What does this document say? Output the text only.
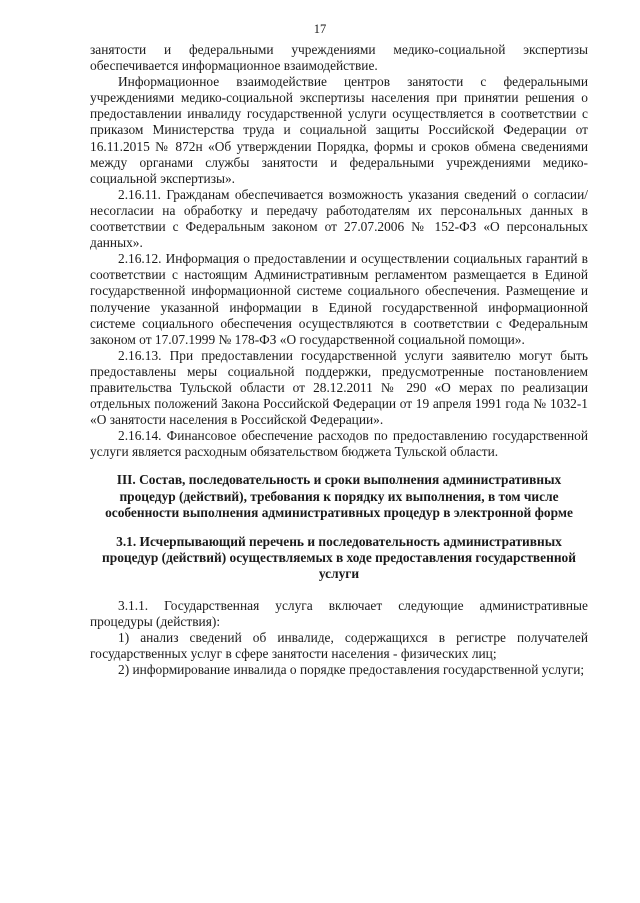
17

занятости и федеральными учреждениями медико-социальной экспертизы обеспечивается информационное взаимодействие.

Информационное взаимодействие центров занятости с федеральными учреждениями медико-социальной экспертизы населения при принятии решения о предоставлении инвалиду государственной услуги осуществляется в соответствии с приказом Министерства труда и социальной защиты Российской Федерации от 16.11.2015 № 872н «Об утверждении Порядка, формы и сроков обмена сведениями между органами службы занятости и федеральными учреждениями медико-социальной экспертизы».

2.16.11. Гражданам обеспечивается возможность указания сведений о согласии/несогласии на обработку и передачу работодателям их персональных данных в соответствии с Федеральным законом от 27.07.2006 № 152-ФЗ «О персональных данных».

2.16.12. Информация о предоставлении и осуществлении социальных гарантий в соответствии с настоящим Административным регламентом размещается в Единой государственной информационной системе социального обеспечения. Размещение и получение указанной информации в Единой государственной информационной системе социального обеспечения осуществляются в соответствии с Федеральным законом от 17.07.1999 № 178-ФЗ «О государственной социальной помощи».

2.16.13. При предоставлении государственной услуги заявителю могут быть предоставлены меры социальной поддержки, предусмотренные постановлением правительства Тульской области от 28.12.2011 № 290 «О мерах по реализации отдельных положений Закона Российской Федерации от 19 апреля 1991 года № 1032-1 «О занятости населения в Российской Федерации».

2.16.14. Финансовое обеспечение расходов по предоставлению государственной услуги является расходным обязательством бюджета Тульской области.

III. Состав, последовательность и сроки выполнения административных процедур (действий), требования к порядку их выполнения, в том числе особенности выполнения административных процедур в электронной форме

3.1. Исчерпывающий перечень и последовательность административных процедур (действий) осуществляемых в ходе предоставления государственной услуги

3.1.1. Государственная услуга включает следующие административные процедуры (действия):

1) анализ сведений об инвалиде, содержащихся в регистре получателей государственных услуг в сфере занятости населения - физических лиц;

2) информирование инвалида о порядке предоставления государственной услуги;
